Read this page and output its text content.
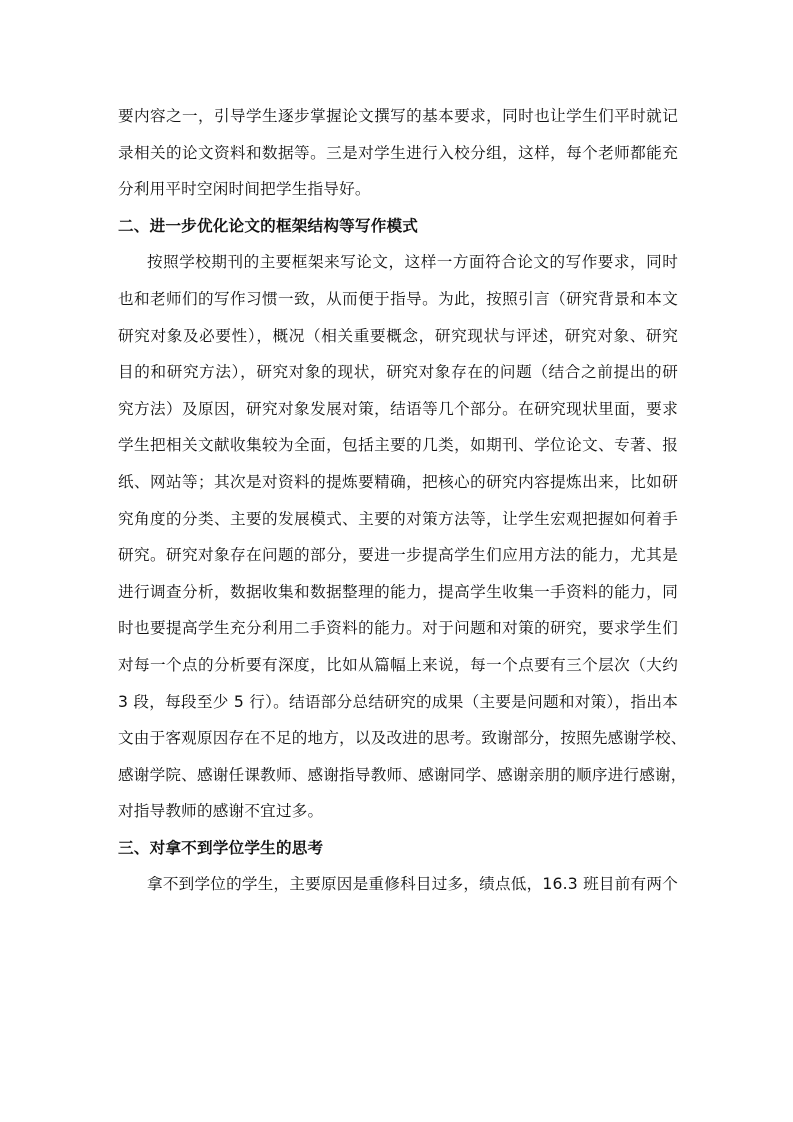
要内容之一，引导学生逐步掌握论文撰写的基本要求，同时也让学生们平时就记
录相关的论文资料和数据等。三是对学生进行入校分组，这样，每个老师都能充
分利用平时空闲时间把学生指导好。
二、进一步优化论文的框架结构等写作模式
按照学校期刊的主要框架来写论文，这样一方面符合论文的写作要求，同时
也和老师们的写作习惯一致，从而便于指导。为此，按照引言（研究背景和本文
研究对象及必要性），概况（相关重要概念，研究现状与评述，研究对象、研究
目的和研究方法），研究对象的现状，研究对象存在的问题（结合之前提出的研
究方法）及原因，研究对象发展对策，结语等几个部分。在研究现状里面，要求
学生把相关文献收集较为全面，包括主要的几类，如期刊、学位论文、专著、报
纸、网站等；其次是对资料的提炼要精确，把核心的研究内容提炼出来，比如研
究角度的分类、主要的发展模式、主要的对策方法等，让学生宏观把握如何着手
研究。研究对象存在问题的部分，要进一步提高学生们应用方法的能力，尤其是
进行调查分析，数据收集和数据整理的能力，提高学生收集一手资料的能力，同
时也要提高学生充分利用二手资料的能力。对于问题和对策的研究，要求学生们
对每一个点的分析要有深度，比如从篇幅上来说，每一个点要有三个层次（大约
3 段，每段至少 5 行）。结语部分总结研究的成果（主要是问题和对策），指出本
文由于客观原因存在不足的地方，以及改进的思考。致谢部分，按照先感谢学校、
感谢学院、感谢任课教师、感谢指导教师、感谢同学、感谢亲朋的顺序进行感谢，
对指导教师的感谢不宜过多。
三、对拿不到学位学生的思考
拿不到学位的学生，主要原因是重修科目过多，绩点低，16.3 班目前有两个
